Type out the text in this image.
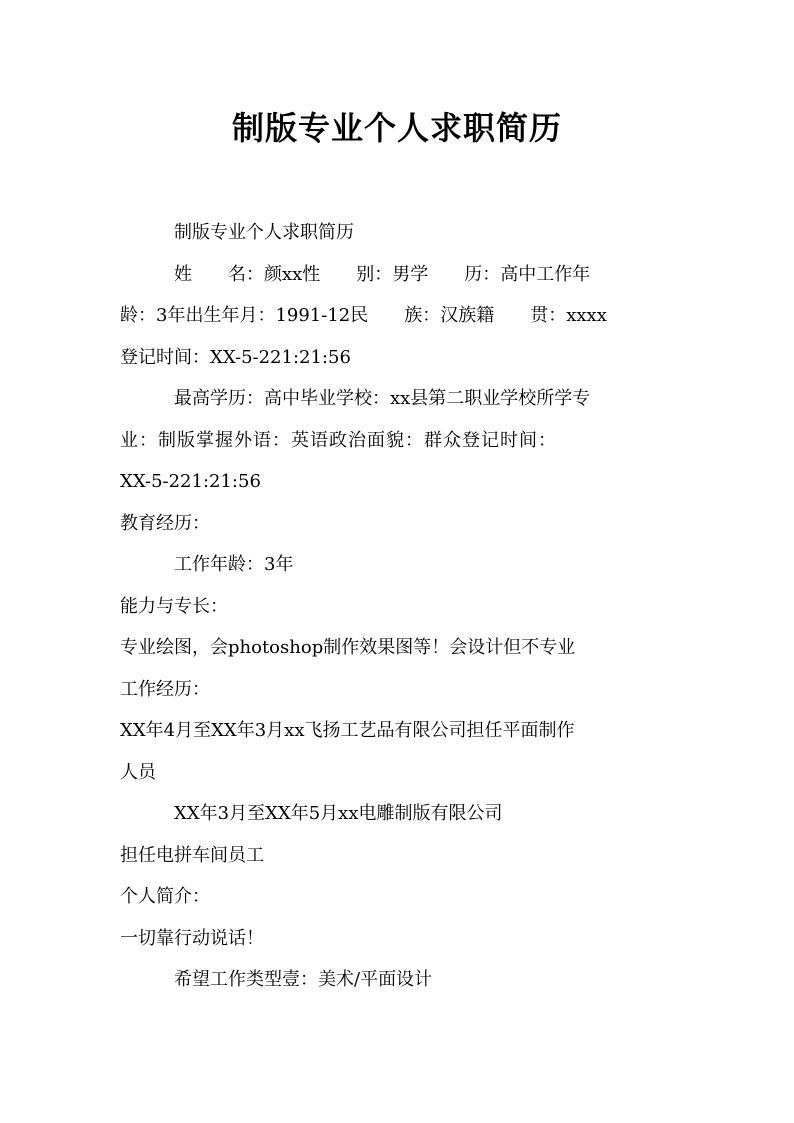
制版专业个人求职简历

制版专业个人求职简历

姓　　名：颜xx性　　别：男学　　历：高中工作年

龄：3年出生年月：1991-12民　　族：汉族籍　　贯：xxxx

登记时间：XX-5-221:21:56

最高学历：高中毕业学校：xx县第二职业学校所学专

业：制版掌握外语：英语政治面貌：群众登记时间：

XX-5-221:21:56

教育经历：

工作年龄：3年

能力与专长：

专业绘图，会photoshop制作效果图等！会设计但不专业

工作经历：

XX年4月至XX年3月xx飞扬工艺品有限公司担任平面制作

人员

XX年3月至XX年5月xx电雕制版有限公司

担任电拼车间员工

个人简介：

一切靠行动说话！

希望工作类型壹：美术/平面设计
